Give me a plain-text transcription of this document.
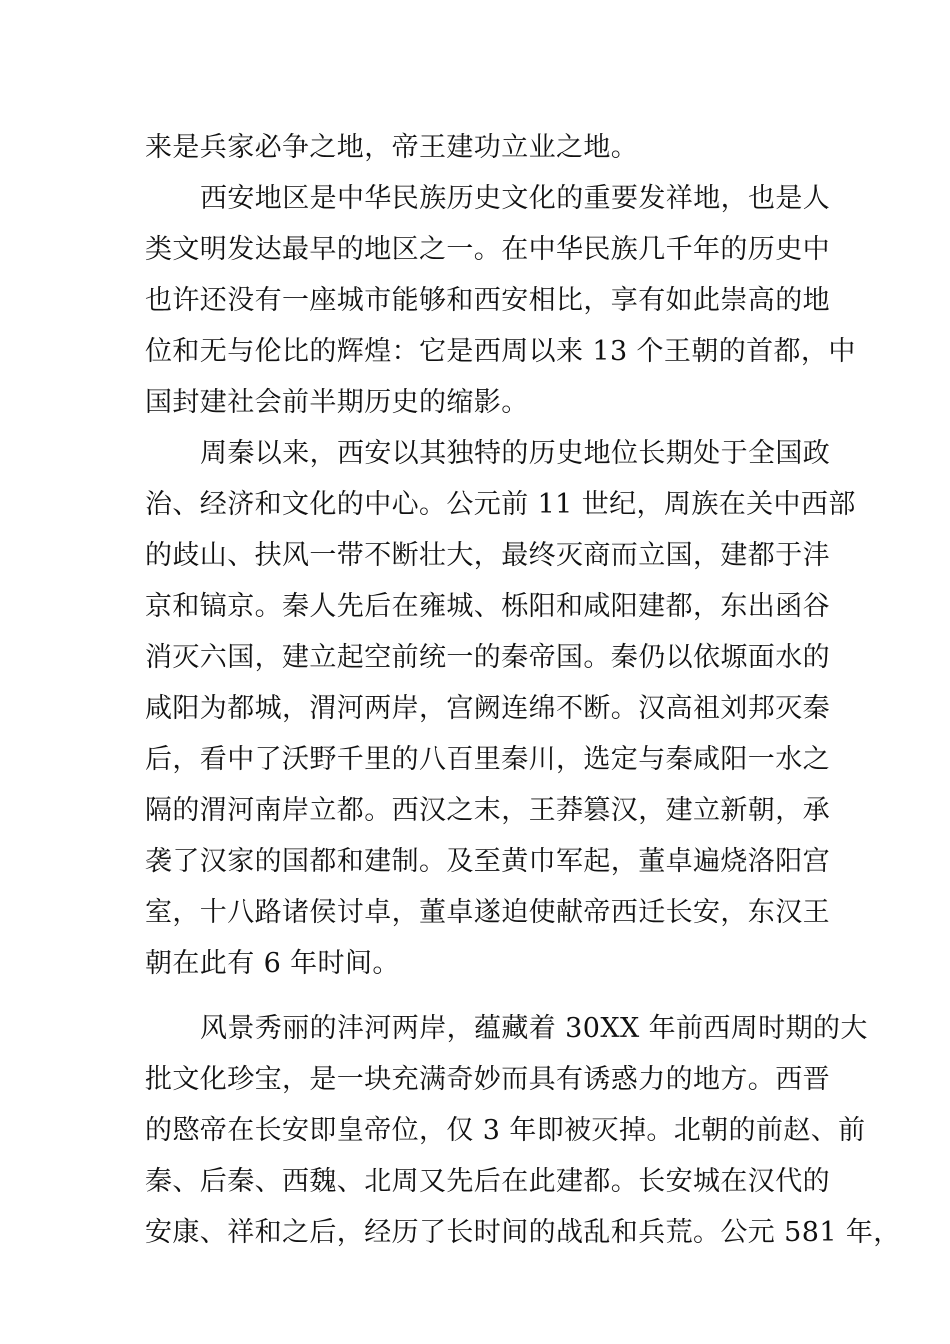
来是兵家必争之地，帝王建功立业之地。
西安地区是中华民族历史文化的重要发祥地，也是人
类文明发达最早的地区之一。在中华民族几千年的历史中
也许还没有一座城市能够和西安相比，享有如此崇高的地
位和无与伦比的辉煌：它是西周以来 13 个王朝的首都，中
国封建社会前半期历史的缩影。
周秦以来，西安以其独特的历史地位长期处于全国政
治、经济和文化的中心。公元前 11 世纪，周族在关中西部
的歧山、扶风一带不断壮大，最终灭商而立国，建都于沣
京和镐京。秦人先后在雍城、栎阳和咸阳建都，东出函谷
消灭六国，建立起空前统一的秦帝国。秦仍以依塬面水的
咸阳为都城，渭河两岸，宫阙连绵不断。汉高祖刘邦灭秦
后，看中了沃野千里的八百里秦川，选定与秦咸阳一水之
隔的渭河南岸立都。西汉之末，王莽篡汉，建立新朝，承
袭了汉家的国都和建制。及至黄巾军起，董卓遍烧洛阳宫
室，十八路诸侯讨卓，董卓遂迫使献帝西迁长安，东汉王
朝在此有 6 年时间。
风景秀丽的沣河两岸，蕴藏着 30XX 年前西周时期的大
批文化珍宝，是一块充满奇妙而具有诱惑力的地方。西晋
的愍帝在长安即皇帝位，仅 3 年即被灭掉。北朝的前赵、前
秦、后秦、西魏、北周又先后在此建都。长安城在汉代的
安康、祥和之后，经历了长时间的战乱和兵荒。公元 581 年，
